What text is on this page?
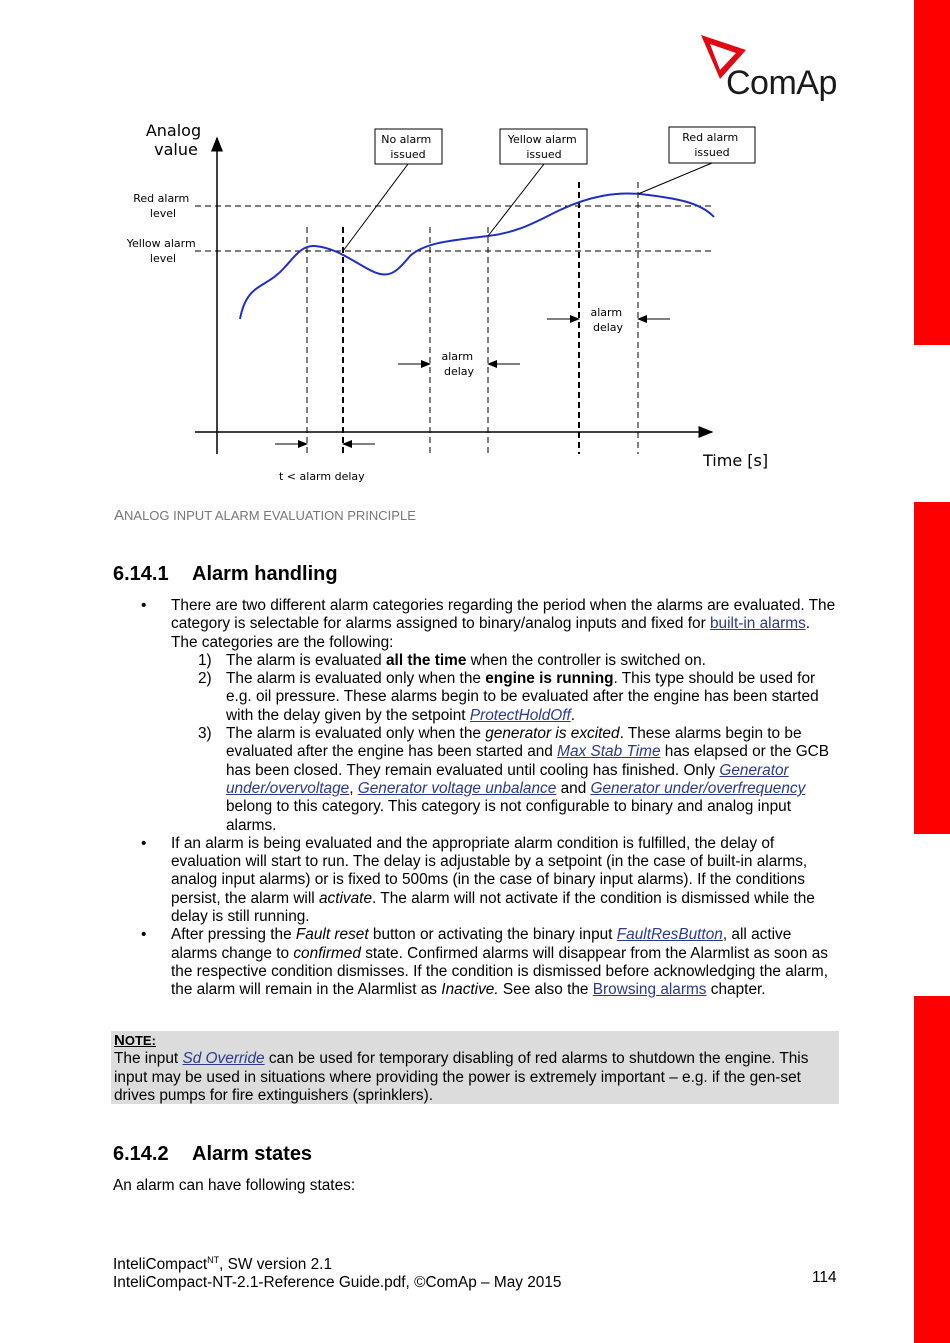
ComAp
Analog value
Time [s]
Red alarm level
Yellow alarm level
No alarm issued
Yellow alarm issued
Red alarm issued
t < alarm delay
alarm delay
alarm delay
ANALOG INPUT ALARM EVALUATION PRINCIPLE
6.14.1 Alarm handling
• There are two different alarm categories regarding the period when the alarms are evaluated. The category is selectable for alarms assigned to binary/analog inputs and fixed for built-in alarms. The categories are the following:
1) The alarm is evaluated all the time when the controller is switched on.
2) The alarm is evaluated only when the engine is running. This type should be used for e.g. oil pressure. These alarms begin to be evaluated after the engine has been started with the delay given by the setpoint ProtectHoldOff.
3) The alarm is evaluated only when the generator is excited. These alarms begin to be evaluated after the engine has been started and Max Stab Time has elapsed or the GCB has been closed. They remain evaluated until cooling has finished. Only Generator under/overvoltage, Generator voltage unbalance and Generator under/overfrequency belong to this category. This category is not configurable to binary and analog input alarms.
• If an alarm is being evaluated and the appropriate alarm condition is fulfilled, the delay of evaluation will start to run. The delay is adjustable by a setpoint (in the case of built-in alarms, analog input alarms) or is fixed to 500ms (in the case of binary input alarms). If the conditions persist, the alarm will activate. The alarm will not activate if the condition is dismissed while the delay is still running.
• After pressing the Fault reset button or activating the binary input FaultResButton, all active alarms change to confirmed state. Confirmed alarms will disappear from the Alarmlist as soon as the respective condition dismisses. If the condition is dismissed before acknowledging the alarm, the alarm will remain in the Alarmlist as Inactive. See also the Browsing alarms chapter.
NOTE:
The input Sd Override can be used for temporary disabling of red alarms to shutdown the engine. This input may be used in situations where providing the power is extremely important – e.g. if the gen-set drives pumps for fire extinguishers (sprinklers).
6.14.2 Alarm states
An alarm can have following states:
InteliCompact$^{NT}$, SW version 2.1
InteliCompact-NT-2.1-Reference Guide.pdf, ©ComAp – May 2015	114
